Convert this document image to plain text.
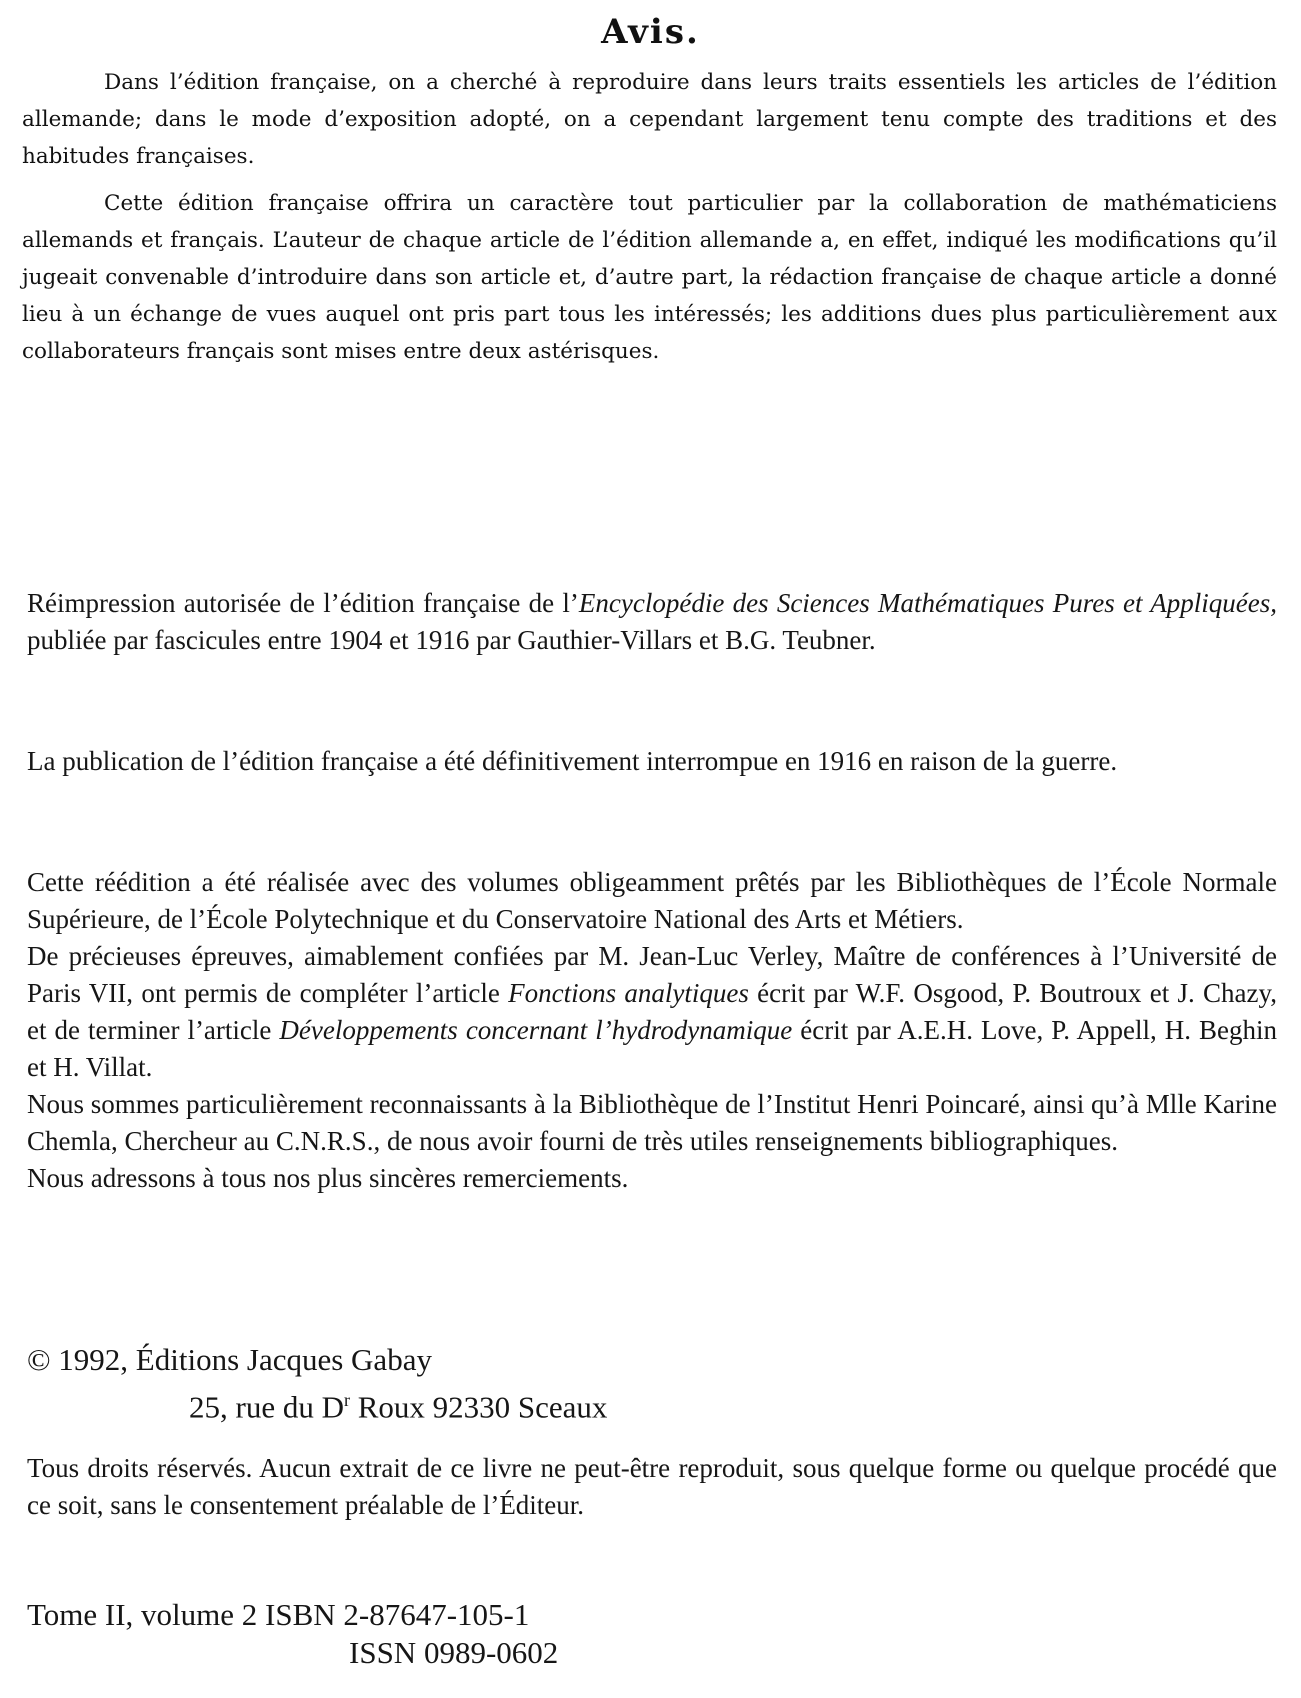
Avis.

Dans l’édition française, on a cherché à reproduire dans leurs traits essentiels les articles de l’édition allemande; dans le mode d’exposition adopté, on a cependant largement tenu compte des traditions et des habitudes françaises.

Cette édition française offrira un caractère tout particulier par la collaboration de mathématiciens allemands et français. L’auteur de chaque article de l’édition allemande a, en effet, indiqué les modifications qu’il jugeait convenable d’introduire dans son article et, d’autre part, la rédaction française de chaque article a donné lieu à un échange de vues auquel ont pris part tous les intéressés; les additions dues plus particulièrement aux collaborateurs français sont mises entre deux astérisques.

Réimpression autorisée de l’édition française de l’Encyclopédie des Sciences Mathématiques Pures et Appliquées, publiée par fascicules entre 1904 et 1916 par Gauthier-Villars et B.G. Teubner.

La publication de l’édition française a été définitivement interrompue en 1916 en raison de la guerre.

Cette réédition a été réalisée avec des volumes obligeamment prêtés par les Bibliothèques de l’École Normale Supérieure, de l’École Polytechnique et du Conservatoire National des Arts et Métiers.
De précieuses épreuves, aimablement confiées par M. Jean-Luc Verley, Maître de conférences à l’Université de Paris VII, ont permis de compléter l’article Fonctions analytiques écrit par W.F. Osgood, P. Boutroux et J. Chazy, et de terminer l’article Développements concernant l’hydrodynamique écrit par A.E.H. Love, P. Appell, H. Beghin et H. Villat.
Nous sommes particulièrement reconnaissants à la Bibliothèque de l’Institut Henri Poincaré, ainsi qu’à Mlle Karine Chemla, Chercheur au C.N.R.S., de nous avoir fourni de très utiles renseignements bibliographiques.
Nous adressons à tous nos plus sincères remerciements.
© 1992, Éditions Jacques Gabay
25, rue du $D^r$ Roux 92330 Sceaux

Tous droits réservés. Aucun extrait de ce livre ne peut-être reproduit, sous quelque forme ou quelque procédé que ce soit, sans le consentement préalable de l’Éditeur.

Tome II, volume 2 ISBN 2-87647-105-1
ISSN 0989-0602
